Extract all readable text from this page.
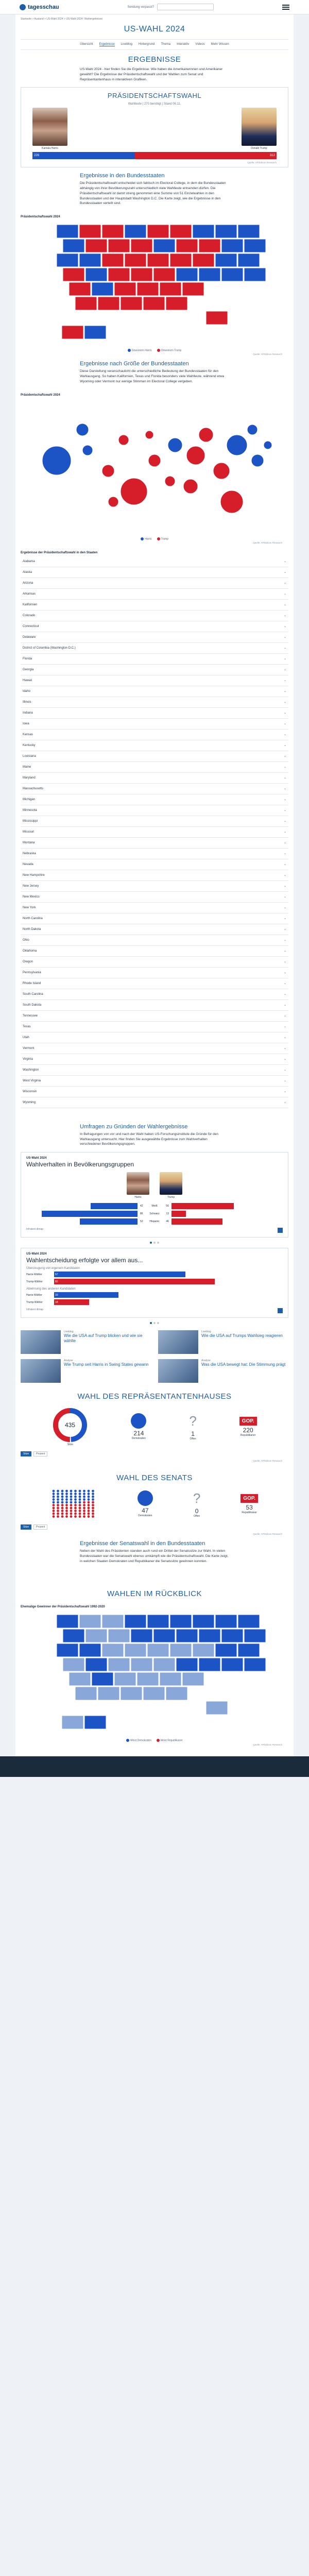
tagesschau	Sendung verpasst?
Startseite > Ausland > US-Wahl 2024 > US-Wahl 2024: Wahlergebnisse
US-WAHL 2024
Übersicht Ergebnisse Liveblog Hintergrund Thema Interaktiv Videos Mehr Wissen
ERGEBNISSE

US-Wahl 2024 - hier finden Sie die Ergebnisse: Wie haben die Amerikanerinnen und Amerikaner gewählt? Die Ergebnisse der Präsidentschaftswahl und der Wahlen zum Senat und Repräsentantenhaus in interaktiven Grafiken.

PRÄSIDENTSCHAFTSWAHL
Wahlleute | 270 benötigt | Stand 06.11.
Kamala Harris	Donald Trump
226	312
Quelle: AP/Edison Research
Ergebnisse in den Bundesstaaten

Die Präsidentschaftswahl entscheidet sich faktisch im Electoral College, in dem die Bundesstaaten abhängig von ihrer Bevölkerungszahl unterschiedlich viele Wahlleute entsenden dürfen. Die Präsidentschaftswahl ist damit streng genommen eine Summe von 51 Einzelwahlen in den Bundesstaaten und der Hauptstadt Washington D.C. Die Karte zeigt, wie die Ergebnisse in den Bundesstaaten verteilt sind.

Präsidentschaftswahl 2024
Gewonnen Harris	Gewonnen Trump
Quelle: AP/Edison Research
Ergebnisse nach Größe der Bundesstaaten

Diese Darstellung veranschaulicht die unterschiedliche Bedeutung der Bundesstaaten für den Wahlausgang. So haben Kalifornien, Texas und Florida besonders viele Wahlleute, während etwa Wyoming oder Vermont nur wenige Stimmen im Electoral College vergeben.

Präsidentschaftswahl 2024
Harris	Trump
Quelle: AP/Edison Research
Ergebnisse der Präsidentschaftswahl in den Staaten
Alabama	⌄
Alaska	⌄
Arizona	⌄
Arkansas	⌄
Kalifornien	⌄
Colorado	⌄
Connecticut	⌄
Delaware	⌄
District of Columbia (Washington D.C.)	⌄
Florida	⌄
Georgia	⌄
Hawaii	⌄
Idaho	⌄
Illinois	⌄
Indiana	⌄
Iowa	⌄
Kansas	⌄
Kentucky	⌄
Louisiana	⌄
Maine	⌄
Maryland	⌄
Massachusetts	⌄
Michigan	⌄
Minnesota	⌄
Mississippi	⌄
Missouri	⌄
Montana	⌄
Nebraska	⌄
Nevada	⌄
New Hampshire	⌄
New Jersey	⌄
New Mexico	⌄
New York	⌄
North Carolina	⌄
North Dakota	⌄
Ohio	⌄
Oklahoma	⌄
Oregon	⌄
Pennsylvania	⌄
Rhode Island	⌄
South Carolina	⌄
South Dakota	⌄
Tennessee	⌄
Texas	⌄
Utah	⌄
Vermont	⌄
Virginia	⌄
Washington	⌄
West Virginia	⌄
Wisconsin	⌄
Wyoming	⌄
Umfragen zu Gründen der Wahlergebnisse

In Befragungen von vor und nach der Wahl haben US-Forschungsinstitute die Gründe für den Wahlausgang untersucht. Hier finden Sie ausgewählte Ergebnisse zum Wahlverhalten verschiedener Bevölkerungsgruppen.

US-Wahl 2024
Wahlverhalten in Bevölkerungsgruppen
Harris	Trump
42	Weiß	56
86	Schwarz	13
52	Hispanic	46
Infratest dimap
US-Wahl 2024
Wahlentscheidung erfolgte vor allem aus...
Überzeugung von eigenem Kandidaten
Harris-Wähler	67
Trump-Wähler	82
Ablehnung des anderen Kandidaten
Harris-Wähler	33
Trump-Wähler	18
Infratest dimap
Liveblog
Wie die USA auf Trump blicken und wie sie wählte
Liveblog
Wie die USA auf Trumps Wahlsieg reagieren
Analyse
Wie Trump seit Harris in Swing States gewann
Analyse
Was die USA bewegt hat: Die Stimmung prägt
WAHL DES REPRÄSENTANTENHAUSES
435
Sitze
214
Demokraten
?
1
Offen
GOP.
220
Republikaner
Sitze	Prozent
Quelle: AP/Edison Research
WAHL DES SENATS
47
Demokraten
?
0
Offen
GOP.
53
Republikaner
Sitze	Prozent
Quelle: AP/Edison Research
Ergebnisse der Senatswahl in den Bundesstaaten

Neben der Wahl des Präsidenten standen auch rund ein Drittel der Senatssitze zur Wahl. In vielen Bundesstaaten war die Senatswahl ebenso umkämpft wie die Präsidentschaftswahl. Die Karte zeigt, in welchen Staaten Demokraten und Republikaner die Senatssitze gewinnen konnten.

WAHLEN IM RÜCKBLICK
Ehemalige Gewinner der Präsidentschaftswahl 1992-2020
Meist Demokraten	Meist Republikaner
Quelle: AP/Edison Research
